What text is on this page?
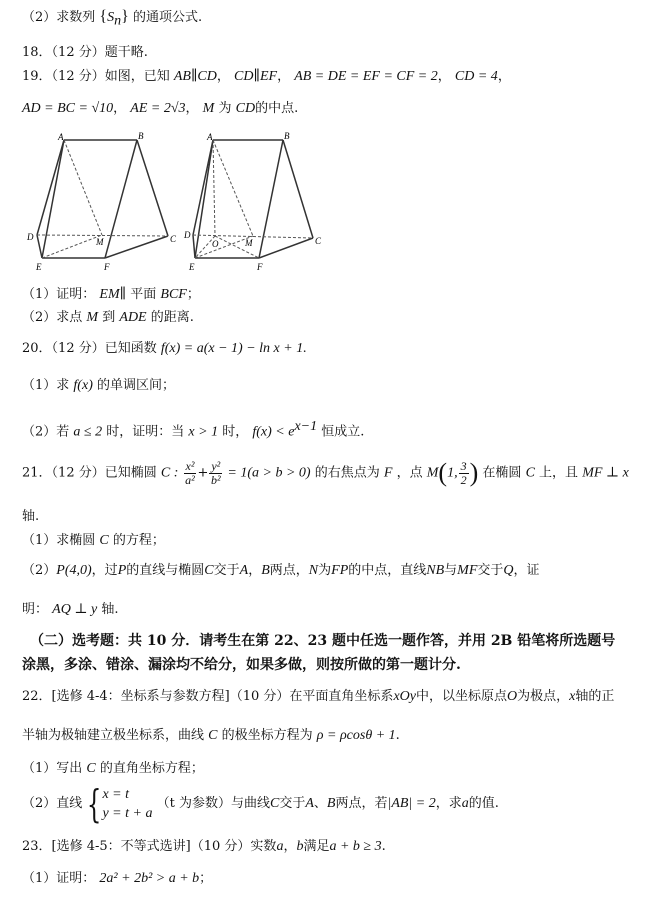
（2）求数列 $\{S_n\}$ 的通项公式.
18．（12 分）题干略.
19．（12 分）如图，已知 AB∥CD， CD∥EF， AB = DE = EF = CF = 2， CD = 4，
AD = BC = √10， AE = 2√3， M 为 CD的中点.
A	B
D	M	C
E	F
A	B
D
O	M	C
E	F
（1）证明： EM∥ 平面 BCF；
（2）求点 M 到 ADE 的距离.
20．（12 分）已知函数 f(x) = a(x − 1) − ln x + 1.
（1）求 f(x) 的单调区间；
（2）若 a ≤ 2 时，证明：当 x > 1 时， $f(x) < e^{x-1}$ 恒成立.
21．（12 分）已知椭圆 C : $\frac{\text{x²}}{\text{a²}} + \frac{\text{y²}}{\text{b²}} = 1(a > b > 0)$ 的右焦点为 F ，点 M(1, $\frac{3}{2}$ ) 在椭圆 C 上，且 MF ⊥ x
轴.
（1）求椭圆 C 的方程；
（2）P(4,0)，过P的直线与椭圆C交于A，B两点，N为FP的中点，直线NB与MF交于Q，证
明： AQ ⊥ y 轴.
（二）选考题：共 10 分．请考生在第 22、23 题中任选一题作答，并用 2B 铅笔将所选题号
涂黑，多涂、错涂、漏涂均不给分，如果多做，则按所做的第一题计分.
22．[选修 4-4：坐标系与参数方程]（10 分）在平面直角坐标系xOy中，以坐标原点O为极点，x轴的正
半轴为极轴建立极坐标系，曲线 C 的极坐标方程为 ρ = ρcosθ + 1.
（1）写出 C 的直角坐标方程；
（2）直线 { x = t
y = t + a
（t 为参数）与曲线C交于A、B两点，若|AB| = 2，求a的值.
23．[选修 4-5：不等式选讲]（10 分）实数a，b满足a + b ≥ 3.
（1）证明： 2a² + 2b² > a + b；
